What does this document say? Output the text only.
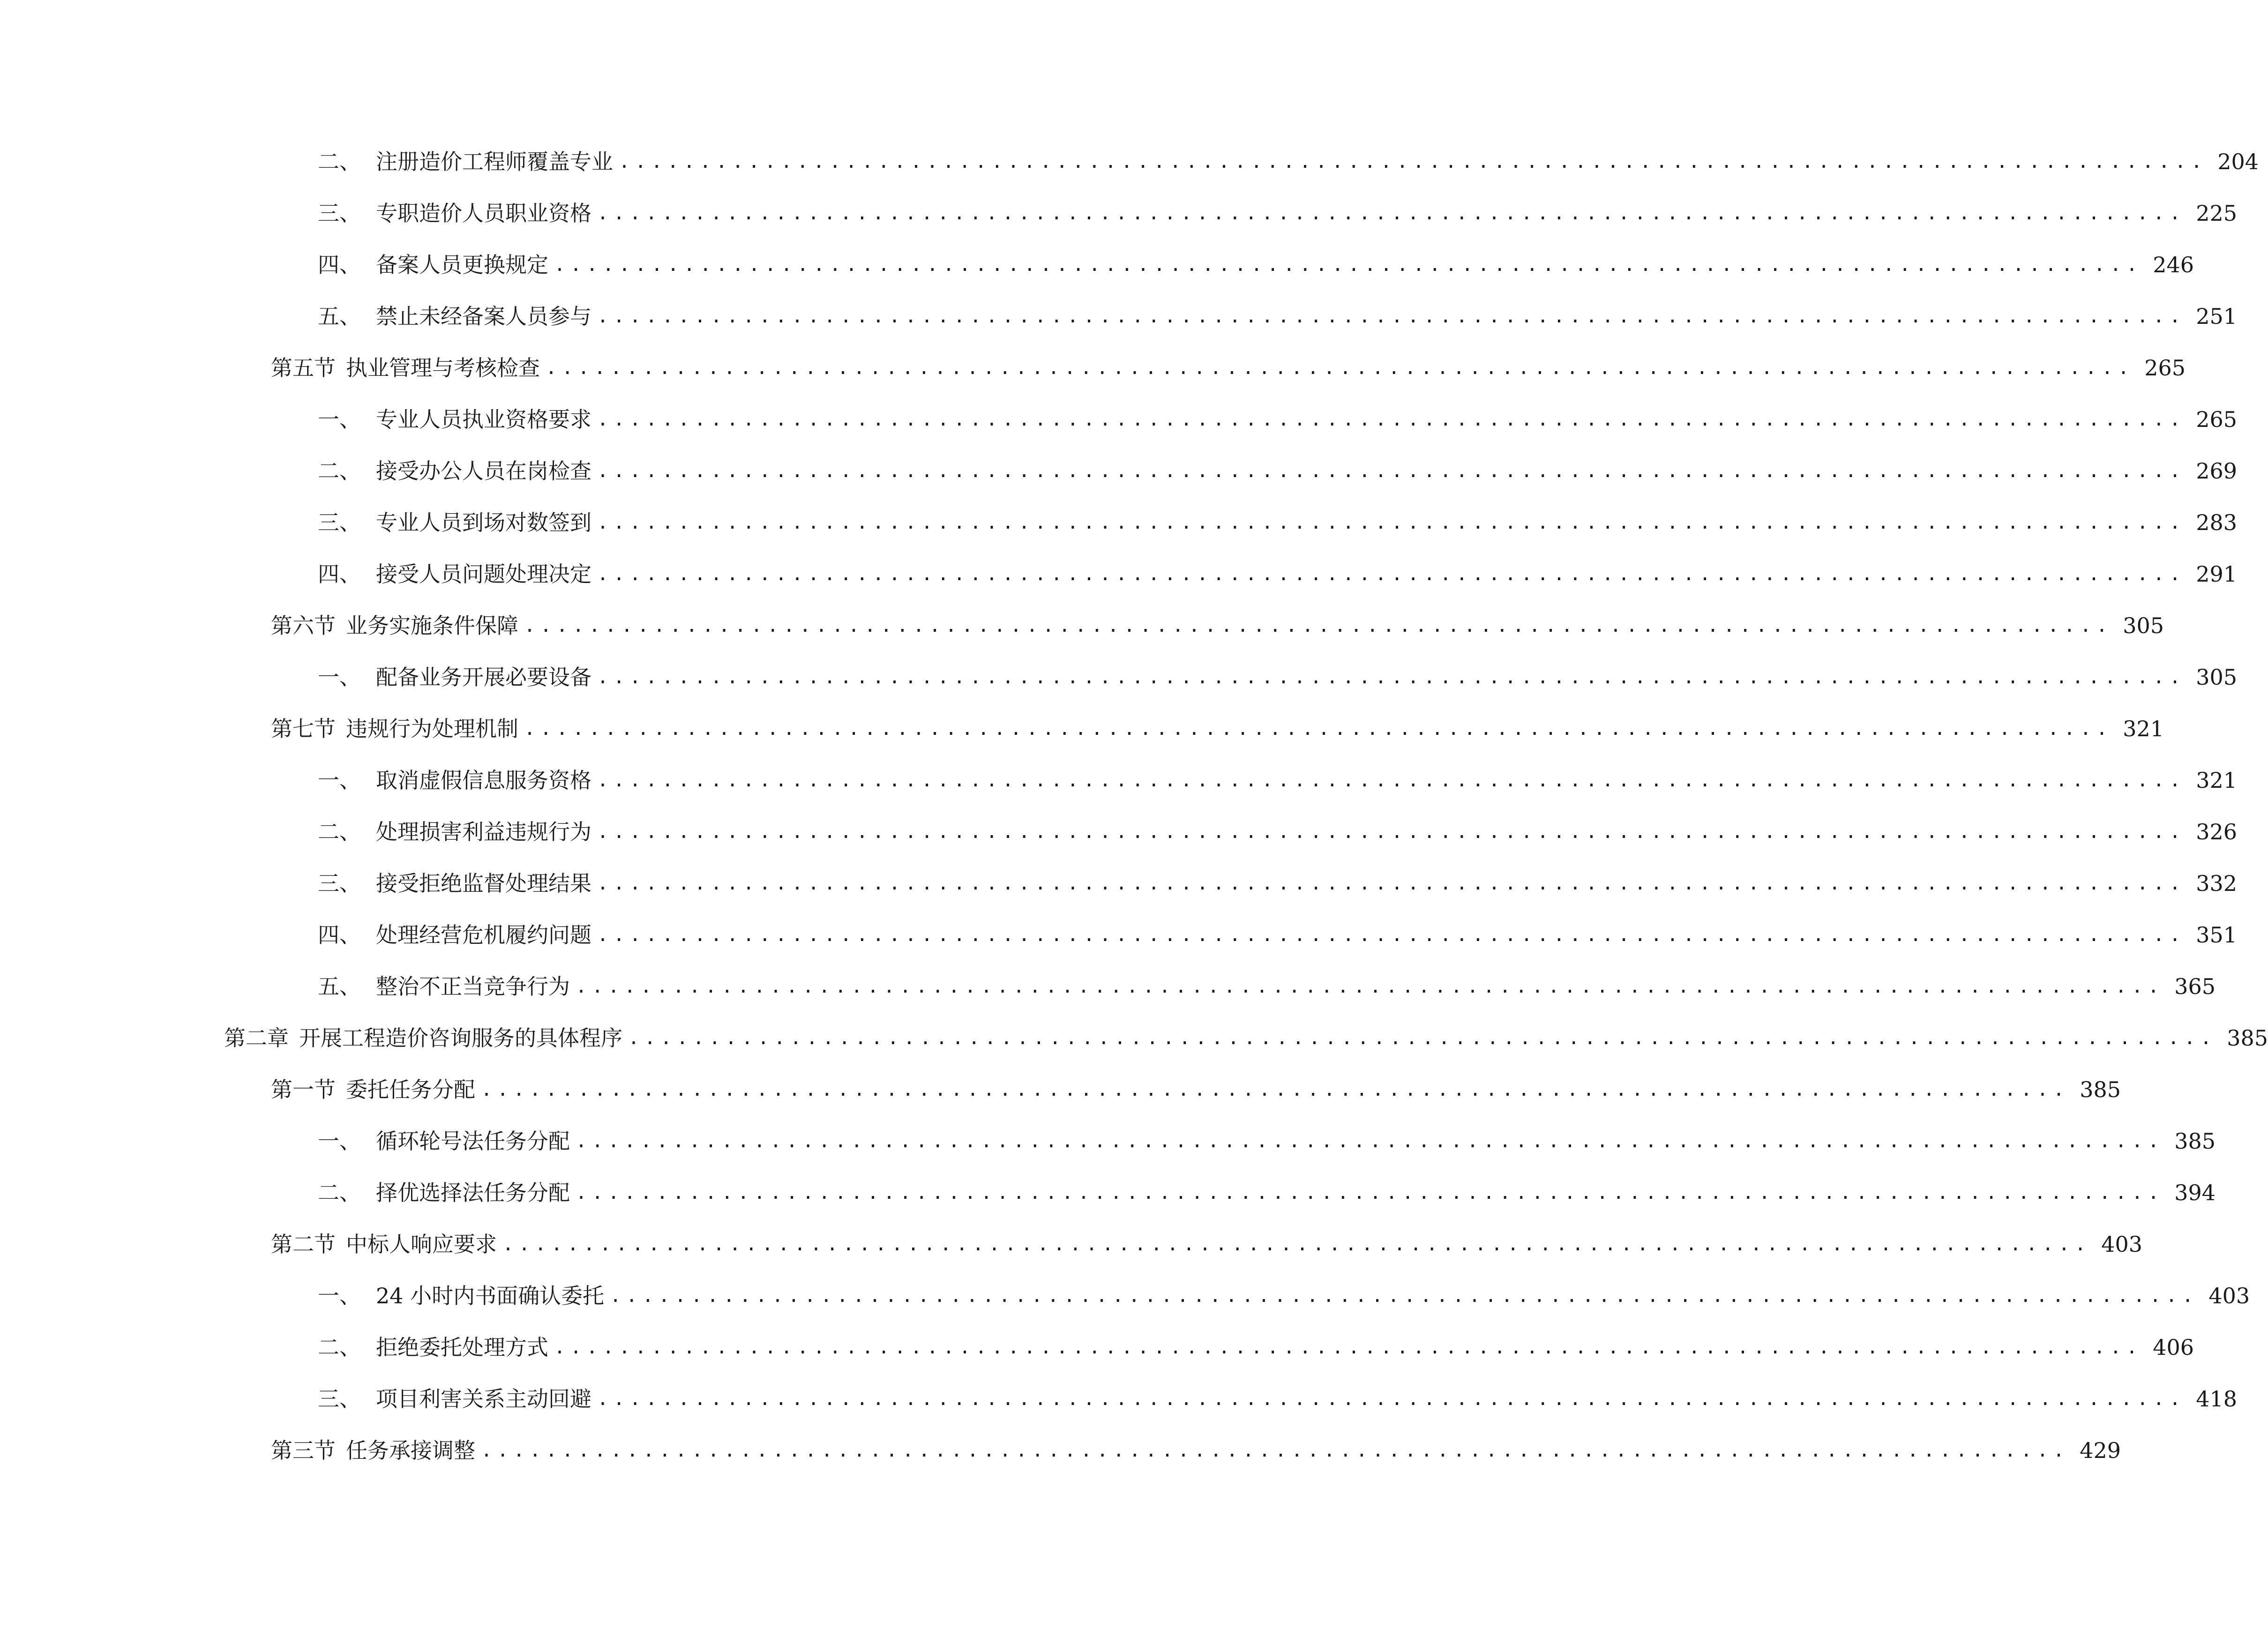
二、 注册造价工程师覆盖专业 .................................................................................................. 204
三、 专职造价人员职业资格 .................................................................................................. 225
四、 备案人员更换规定 .................................................................................................. 246
五、 禁止未经备案人员参与 .................................................................................................. 251
第五节 执业管理与考核检查 .................................................................................................. 265
一、 专业人员执业资格要求 .................................................................................................. 265
二、 接受办公人员在岗检查 .................................................................................................. 269
三、 专业人员到场对数签到 .................................................................................................. 283
四、 接受人员问题处理决定 .................................................................................................. 291
第六节 业务实施条件保障 .................................................................................................. 305
一、 配备业务开展必要设备 .................................................................................................. 305
第七节 违规行为处理机制 .................................................................................................. 321
一、 取消虚假信息服务资格 .................................................................................................. 321
二、 处理损害利益违规行为 .................................................................................................. 326
三、 接受拒绝监督处理结果 .................................................................................................. 332
四、 处理经营危机履约问题 .................................................................................................. 351
五、 整治不正当竞争行为 .................................................................................................. 365
第二章 开展工程造价咨询服务的具体程序 .................................................................................................. 385
第一节 委托任务分配 .................................................................................................. 385
一、 循环轮号法任务分配 .................................................................................................. 385
二、 择优选择法任务分配 .................................................................................................. 394
第二节 中标人响应要求 .................................................................................................. 403
一、 24 小时内书面确认委托 .................................................................................................. 403
二、 拒绝委托处理方式 .................................................................................................. 406
三、 项目利害关系主动回避 .................................................................................................. 418
第三节 任务承接调整 .................................................................................................. 429
